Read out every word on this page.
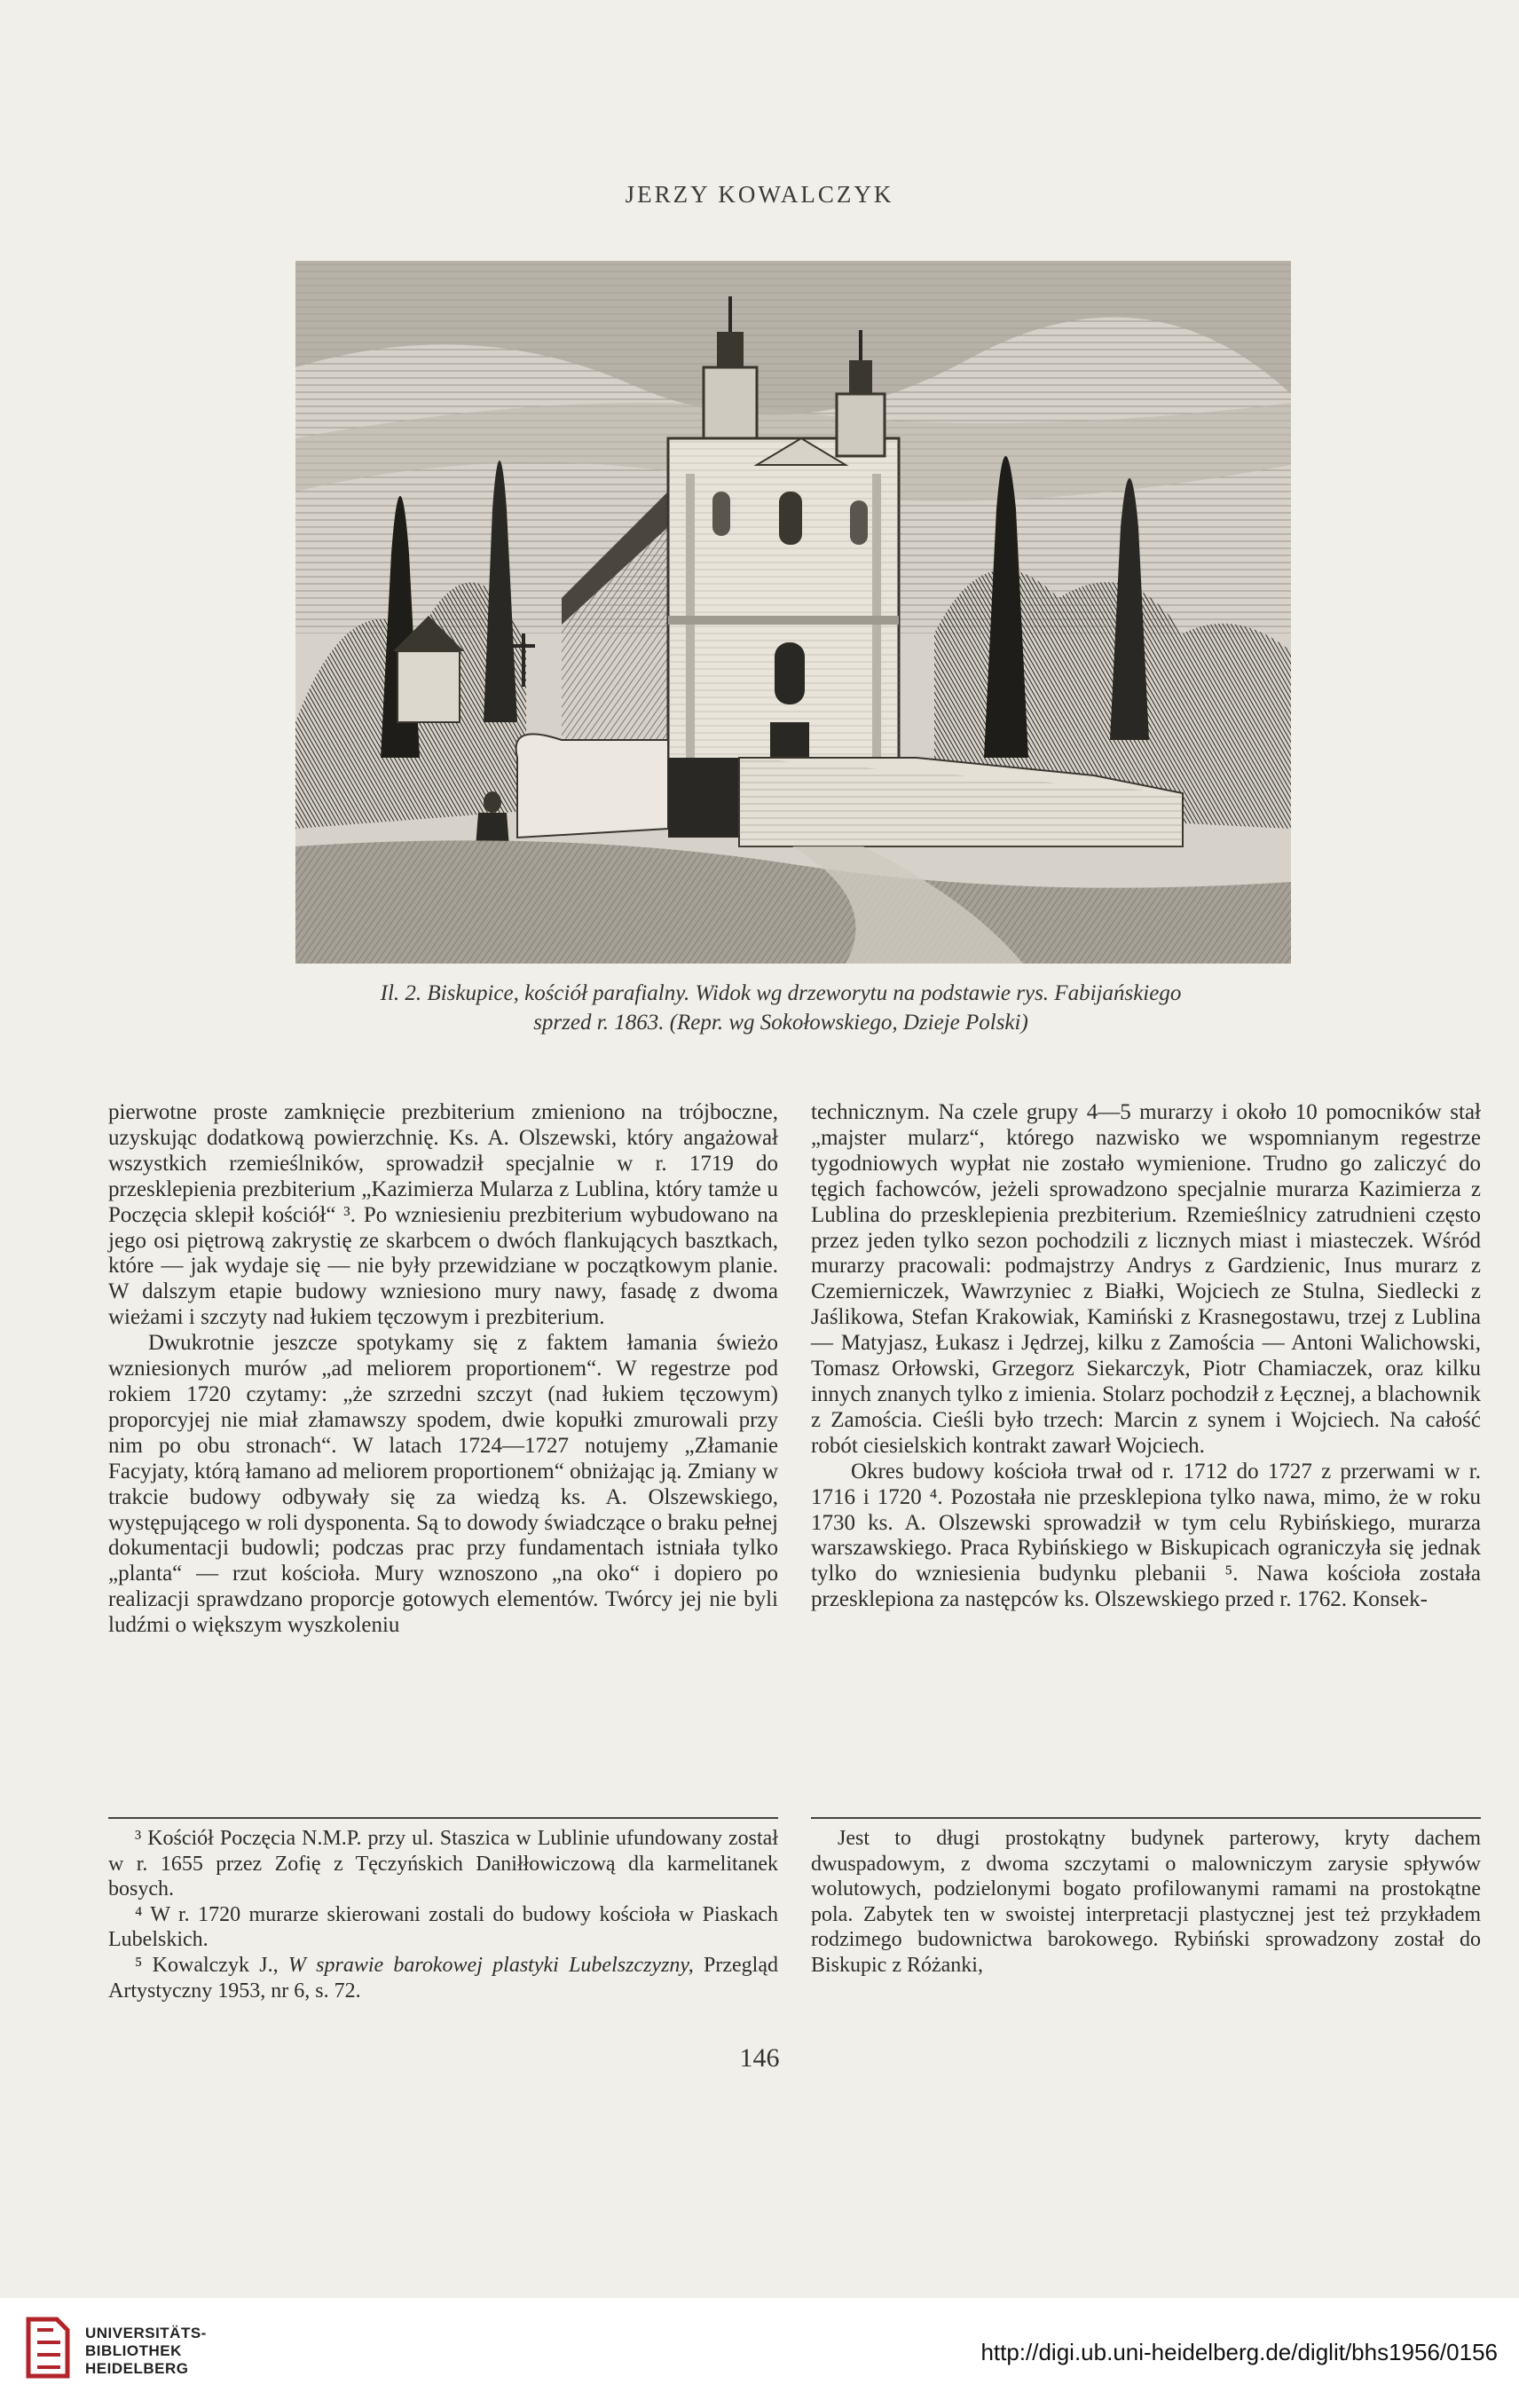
JERZY KOWALCZYK
Il. 2. Biskupice, kościół parafialny. Widok wg drzeworytu na podstawie rys. Fabijańskiego
sprzed r. 1863. (Repr. wg Sokołowskiego, Dzieje Polski)

pierwotne proste zamknięcie prezbiterium zmieniono na trójboczne, uzyskując dodatkową powierzchnię. Ks. A. Olszewski, który angażował wszystkich rzemieślników, sprowadził specjalnie w r. 1719 do przesklepienia prezbiterium „Kazimierza Mularza z Lublina, który tamże u Poczęcia sklepił kościół“ ³. Po wzniesieniu prezbiterium wybudowano na jego osi piętrową zakrystię ze skarbcem o dwóch flankujących basztkach, które — jak wydaje się — nie były przewidziane w początkowym planie. W dalszym etapie budowy wzniesiono mury nawy, fasadę z dwoma wieżami i szczyty nad łukiem tęczowym i prezbiterium.

Dwukrotnie jeszcze spotykamy się z faktem łamania świeżo wzniesionych murów „ad meliorem proportionem“. W regestrze pod rokiem 1720 czytamy: „że szrzedni szczyt (nad łukiem tęczowym) proporcyjej nie miał złamawszy spodem, dwie kopułki zmurowali przy nim po obu stronach“. W latach 1724—1727 notujemy „Złamanie Facyjaty, którą łamano ad meliorem proportionem“ obniżając ją. Zmiany w trakcie budowy odbywały się za wiedzą ks. A. Olszewskiego, występującego w roli dysponenta. Są to dowody świadczące o braku pełnej dokumentacji budowli; podczas prac przy fundamentach istniała tylko „planta“ — rzut kościoła. Mury wznoszono „na oko“ i dopiero po realizacji sprawdzano proporcje gotowych elementów. Twórcy jej nie byli ludźmi o większym wyszkoleniu

technicznym. Na czele grupy 4—5 murarzy i około 10 pomocników stał „majster mularz“, którego nazwisko we wspomnianym regestrze tygodniowych wypłat nie zostało wymienione. Trudno go zaliczyć do tęgich fachowców, jeżeli sprowadzono specjalnie murarza Kazimierza z Lublina do przesklepienia prezbiterium. Rzemieślnicy zatrudnieni często przez jeden tylko sezon pochodzili z licznych miast i miasteczek. Wśród murarzy pracowali: podmajstrzy Andrys z Gardzienic, Inus murarz z Czemierniczek, Wawrzyniec z Białki, Wojciech ze Stulna, Siedlecki z Jaślikowa, Stefan Krakowiak, Kamiński z Krasnegostawu, trzej z Lublina — Matyjasz, Łukasz i Jędrzej, kilku z Zamościa — Antoni Walichowski, Tomasz Orłowski, Grzegorz Siekarczyk, Piotr Chamiaczek, oraz kilku innych znanych tylko z imienia. Stolarz pochodził z Łęcznej, a blachownik z Zamościa. Cieśli było trzech: Marcin z synem i Wojciech. Na całość robót ciesielskich kontrakt zawarł Wojciech.

Okres budowy kościoła trwał od r. 1712 do 1727 z przerwami w r. 1716 i 1720 ⁴. Pozostała nie przesklepiona tylko nawa, mimo, że w roku 1730 ks. A. Olszewski sprowadził w tym celu Rybińskiego, murarza warszawskiego. Praca Rybińskiego w Biskupicach ograniczyła się jednak tylko do wzniesienia budynku plebanii ⁵. Nawa kościoła została przesklepiona za następców ks. Olszewskiego przed r. 1762. Konsek-

³ Kościół Poczęcia N.M.P. przy ul. Staszica w Lublinie ufundowany został w r. 1655 przez Zofię z Tęczyńskich Daniłłowiczową dla karmelitanek bosych.

⁴ W r. 1720 murarze skierowani zostali do budowy kościoła w Piaskach Lubelskich.

⁵ Kowalczyk J., W sprawie barokowej plastyki Lubelszczyzny, Przegląd Artystyczny 1953, nr 6, s. 72.

Jest to długi prostokątny budynek parterowy, kryty dachem dwuspadowym, z dwoma szczytami o malowniczym zarysie spływów wolutowych, podzielonymi bogato profilowanymi ramami na prostokątne pola. Zabytek ten w swoistej interpretacji plastycznej jest też przykładem rodzimego budownictwa barokowego. Rybiński sprowadzony został do Biskupic z Różanki,

146
UNIVERSITÄTS-
BIBLIOTHEK
HEIDELBERG
http://digi.ub.uni-heidelberg.de/diglit/bhs1956/0156
